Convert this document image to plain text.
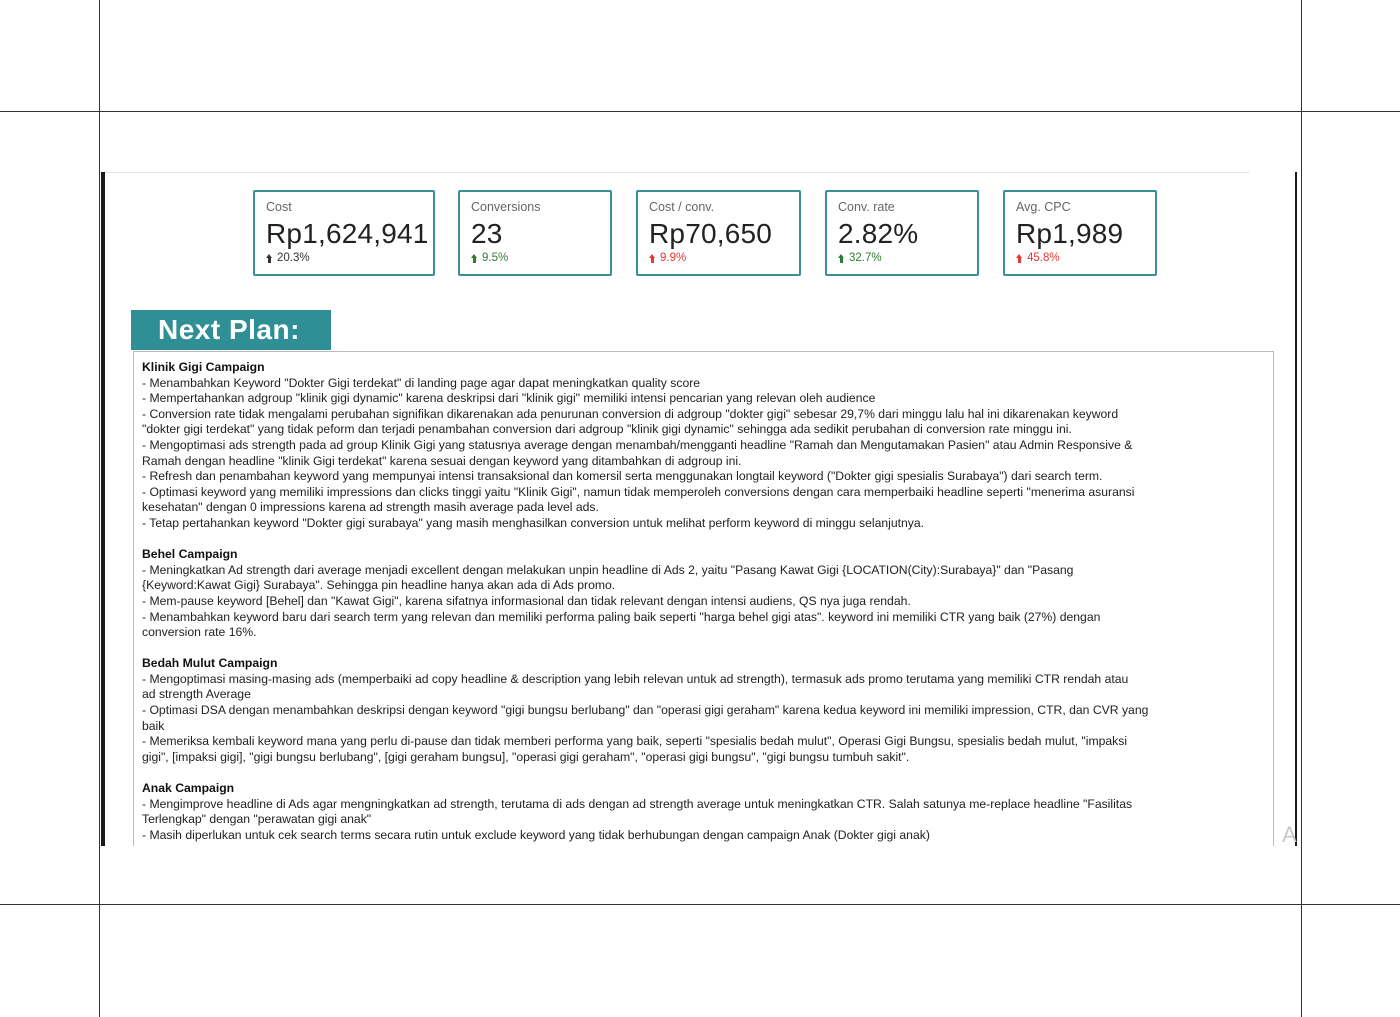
Cost
Rp1,624,941
20.3%
Conversions
23
9.5%
Cost / conv.
Rp70,650
9.9%
Conv. rate
2.82%
32.7%
Avg. CPC
Rp1,989
45.8%
Next Plan:
Klinik Gigi Campaign
- Menambahkan Keyword "Dokter Gigi terdekat" di landing page agar dapat meningkatkan quality score
- Mempertahankan adgroup "klinik gigi dynamic" karena deskripsi dari "klinik gigi" memiliki intensi pencarian yang relevan oleh audience
- Conversion rate tidak mengalami perubahan signifikan dikarenakan ada penurunan conversion di adgroup "dokter gigi" sebesar 29,7% dari minggu lalu hal ini dikarenakan keyword
"dokter gigi terdekat" yang tidak peform dan terjadi penambahan conversion dari adgroup "klinik gigi dynamic" sehingga ada sedikit perubahan di conversion rate minggu ini.
- Mengoptimasi ads strength pada ad group Klinik Gigi yang statusnya average dengan menambah/mengganti headline "Ramah dan Mengutamakan Pasien" atau Admin Responsive &
Ramah dengan headline "klinik Gigi terdekat" karena sesuai dengan keyword yang ditambahkan di adgroup ini.
- Refresh dan penambahan keyword yang mempunyai intensi transaksional dan komersil serta menggunakan longtail keyword ("Dokter gigi spesialis Surabaya") dari search term.
- Optimasi keyword yang memiliki impressions dan clicks tinggi yaitu "Klinik Gigi", namun tidak memperoleh conversions dengan cara memperbaiki headline seperti "menerima asuransi
kesehatan" dengan 0 impressions karena ad strength masih average pada level ads.
- Tetap pertahankan keyword "Dokter gigi surabaya" yang masih menghasilkan conversion untuk melihat perform keyword di minggu selanjutnya.
Behel Campaign
- Meningkatkan Ad strength dari average menjadi excellent dengan melakukan unpin headline di Ads 2, yaitu "Pasang Kawat Gigi {LOCATION(City):Surabaya}" dan "Pasang
{Keyword:Kawat Gigi} Surabaya". Sehingga pin headline hanya akan ada di Ads promo.
- Mem-pause keyword [Behel] dan "Kawat Gigi", karena sifatnya informasional dan tidak relevant dengan intensi audiens, QS nya juga rendah.
- Menambahkan keyword baru dari search term yang relevan dan memiliki performa paling baik seperti "harga behel gigi atas". keyword ini memiliki CTR yang baik (27%) dengan
conversion rate 16%.
Bedah Mulut Campaign
- Mengoptimasi masing-masing ads (memperbaiki ad copy headline & description yang lebih relevan untuk ad strength), termasuk ads promo terutama yang memiliki CTR rendah atau
ad strength Average
- Optimasi DSA dengan menambahkan deskripsi dengan keyword "gigi bungsu berlubang" dan "operasi gigi geraham" karena kedua keyword ini memiliki impression, CTR, dan CVR yang
baik
- Memeriksa kembali keyword mana yang perlu di-pause dan tidak memberi performa yang baik, seperti "spesialis bedah mulut", Operasi Gigi Bungsu, spesialis bedah mulut, "impaksi
gigi", [impaksi gigi], "gigi bungsu berlubang", [gigi geraham bungsu], "operasi gigi geraham", "operasi gigi bungsu", "gigi bungsu tumbuh sakit".
Anak Campaign
- Mengimprove headline di Ads agar mengningkatkan ad strength, terutama di ads dengan ad strength average untuk meningkatkan CTR. Salah satunya me-replace headline "Fasilitas
Terlengkap" dengan "perawatan gigi anak"
- Masih diperlukan untuk cek search terms secara rutin untuk exclude keyword yang tidak berhubungan dengan campaign Anak (Dokter gigi anak)	A
